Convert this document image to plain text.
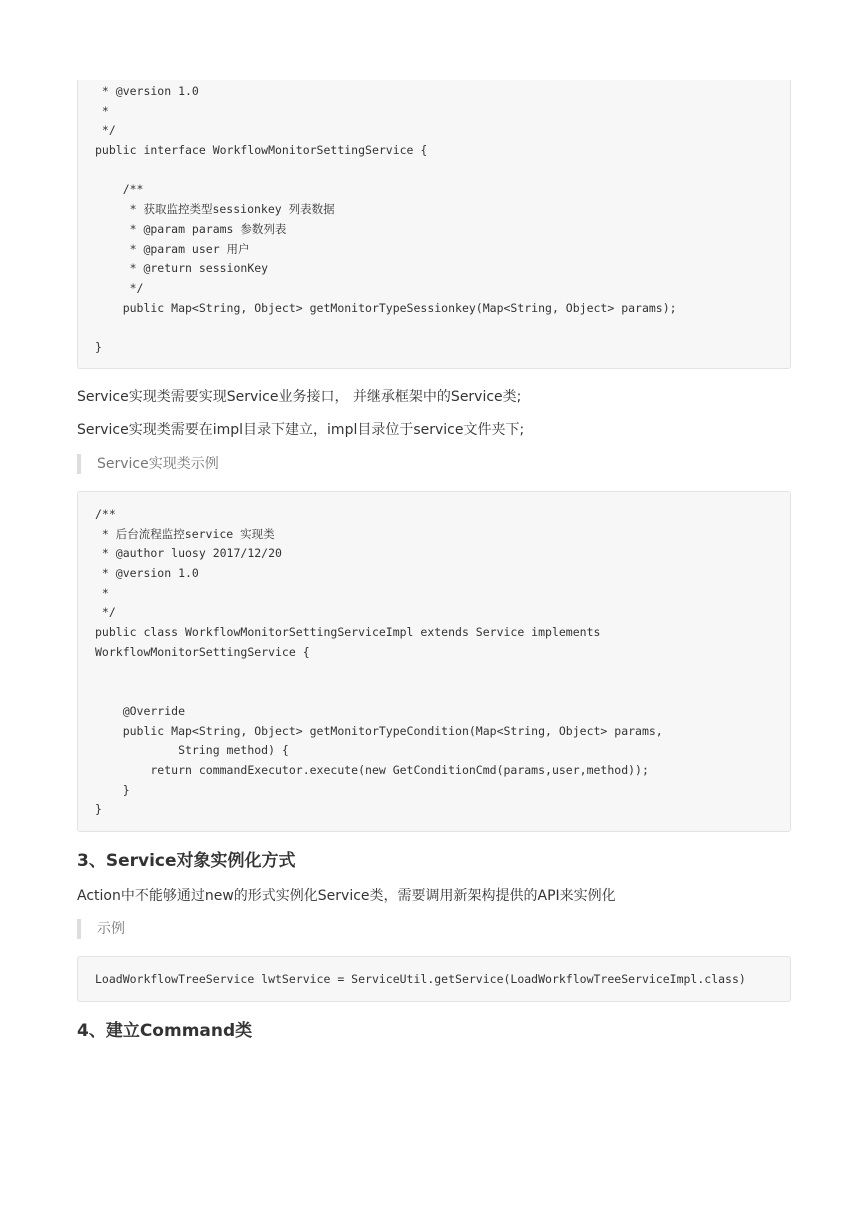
* @version 1.0
*
*/
public interface WorkflowMonitorSettingService {
/**
* 获取监控类型sessionkey 列表数据
* @param params 参数列表
* @param user 用户
* @return sessionKey
*/
public Map<String, Object> getMonitorTypeSessionkey(Map<String, Object> params);
}
Service实现类需要实现Service业务接口， 并继承框架中的Service类;
Service实现类需要在impl目录下建立，impl目录位于service文件夹下;
Service实现类示例
/**
* 后台流程监控service 实现类
* @author luosy 2017/12/20
* @version 1.0
*
*/
public class WorkflowMonitorSettingServiceImpl extends Service implements
WorkflowMonitorSettingService {
@Override
public Map<String, Object> getMonitorTypeCondition(Map<String, Object> params,
String method) {
return commandExecutor.execute(new GetConditionCmd(params,user,method));
}
}
3、Service对象实例化方式
Action中不能够通过new的形式实例化Service类，需要调用新架构提供的API来实例化
示例
LoadWorkflowTreeService lwtService = ServiceUtil.getService(LoadWorkflowTreeServiceImpl.class)
4、建立Command类
